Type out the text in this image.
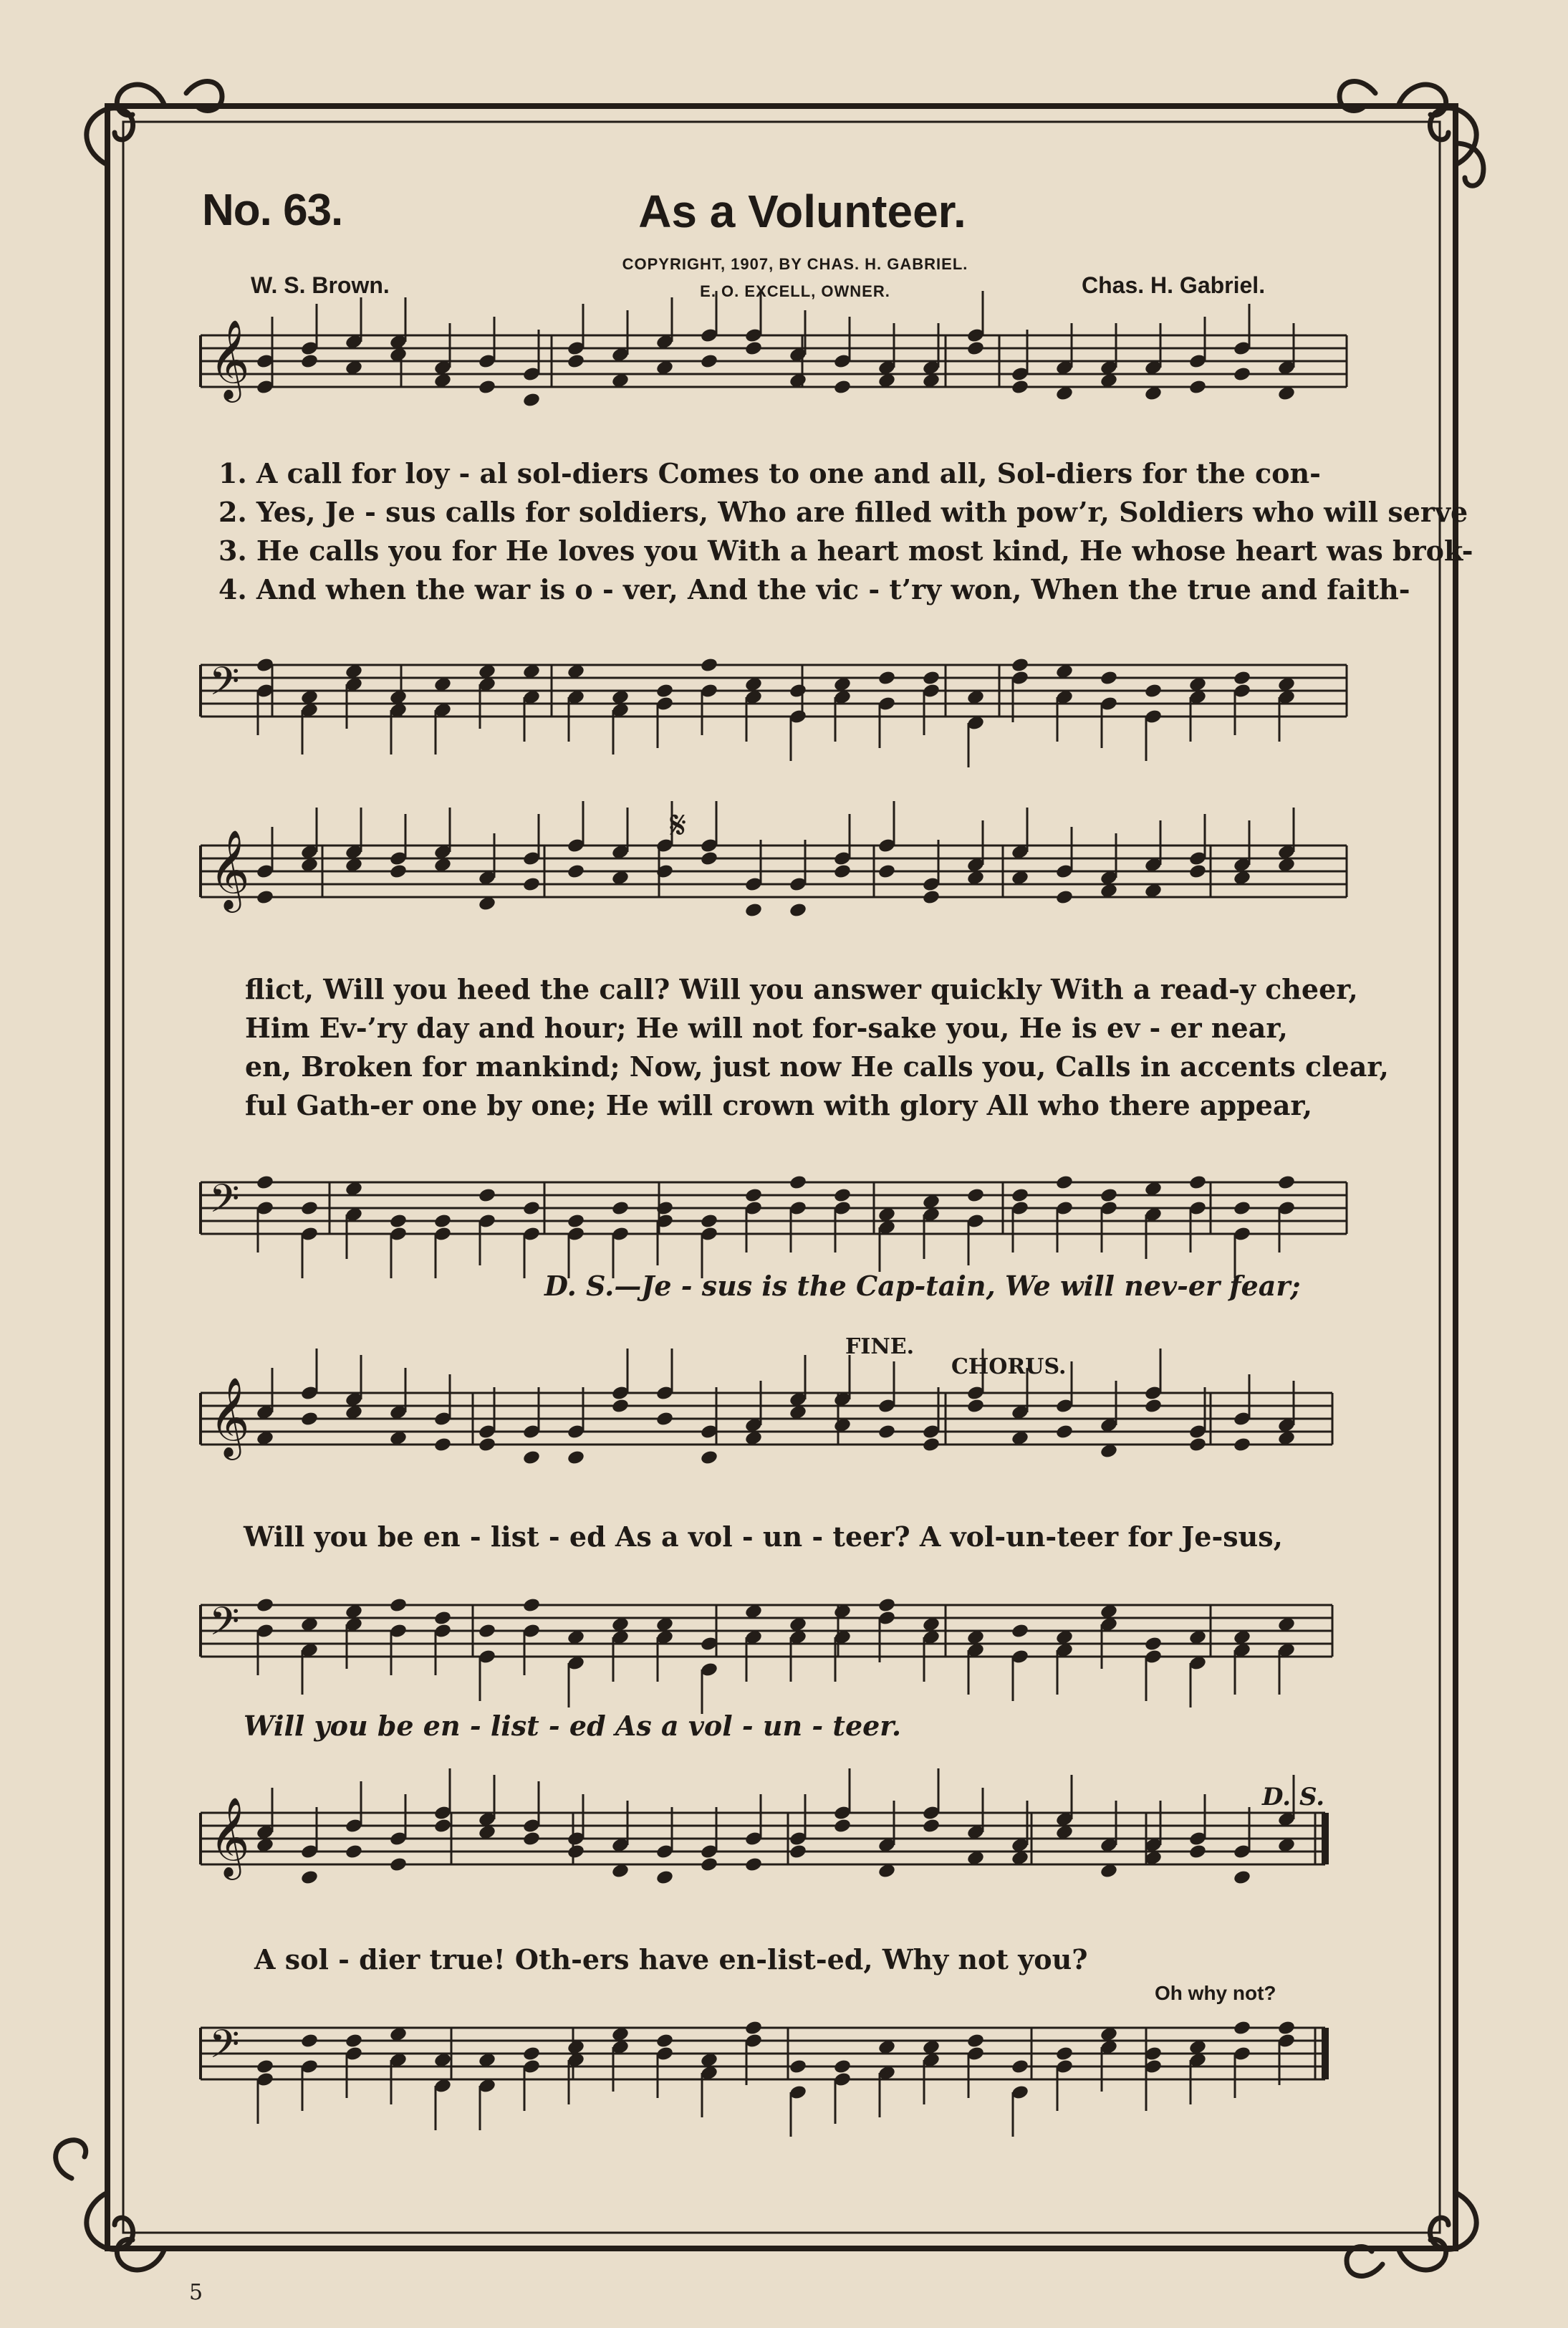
No. 63.	As a Volunteer.
COPYRIGHT, 1907, BY CHAS. H. GABRIEL.
E. O. EXCELL, OWNER.
W. S. Brown.	Chas. H. Gabriel.
𝄞
𝄢
𝄞
𝄢
𝄞
𝄢
𝄞
𝄢
𝄋
1. A call for loy - al sol-diers Comes to one and all, Sol-diers for the con-
2. Yes, Je - sus calls for soldiers, Who are filled with pow’r, Soldiers who will serve
3. He calls you for He loves you With a heart most kind, He whose heart was brok-
4. And when the war is o - ver, And the vic - t’ry won, When the true and faith-
flict, Will you heed the call? Will you answer quickly With a read-y cheer,
Him Ev-’ry day and hour; He will not for-sake you, He is ev - er near,
en, Broken for mankind; Now, just now He calls you, Calls in accents clear,
ful Gath-er one by one; He will crown with glory All who there appear,
D. S.—Je - sus is the Cap-tain, We will nev-er fear;
FINE.
CHORUS.
Will you be en - list - ed As a vol - un - teer? A vol-un-teer for Je-sus,
Will you be en - list - ed As a vol - un - teer.
D. S.
A sol - dier true! Oth-ers have en-list-ed, Why not you?
Oh why not?
5
